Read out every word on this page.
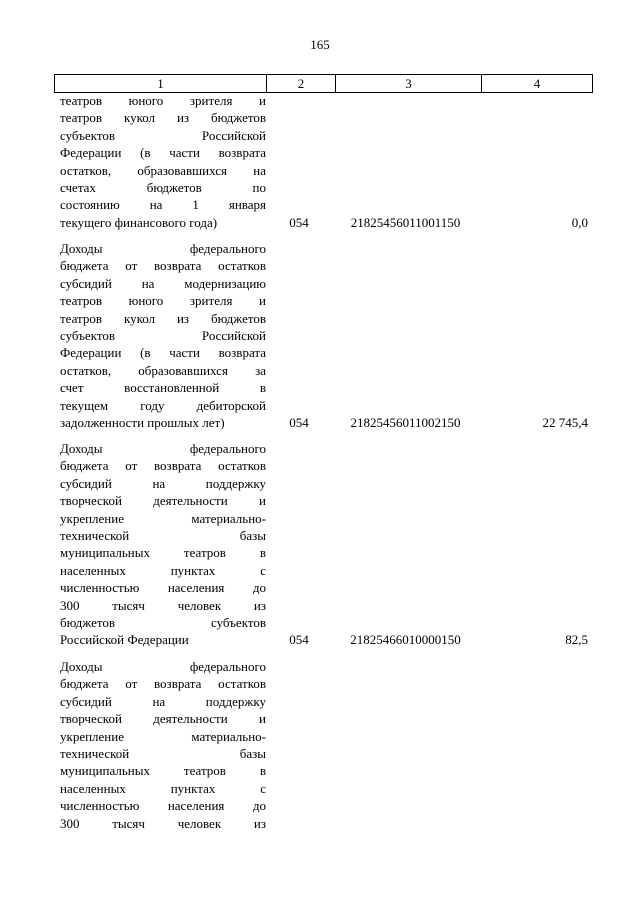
165
1	2	3	4
театров юного зрителя и
театров кукол из бюджетов
субъектов Российской
Федерации (в части возврата
остатков, образовавшихся на
счетах бюджетов по
состоянию на 1 января
текущего финансового года)	054	21825456011001150	0,0
Доходы федерального
бюджета от возврата остатков
субсидий на модернизацию
театров юного зрителя и
театров кукол из бюджетов
субъектов Российской
Федерации (в части возврата
остатков, образовавшихся за
счет восстановленной в
текущем году дебиторской
задолженности прошлых лет)	054	21825456011002150	22 745,4
Доходы федерального
бюджета от возврата остатков
субсидий на поддержку
творческой деятельности и
укрепление материально-
технической базы
муниципальных театров в
населенных пунктах с
численностью населения до
300 тысяч человек из
бюджетов субъектов
Российской Федерации	054	21825466010000150	82,5
Доходы федерального
бюджета от возврата остатков
субсидий на поддержку
творческой деятельности и
укрепление материально-
технической базы
муниципальных театров в
населенных пунктах с
численностью населения до
300 тысяч человек из
